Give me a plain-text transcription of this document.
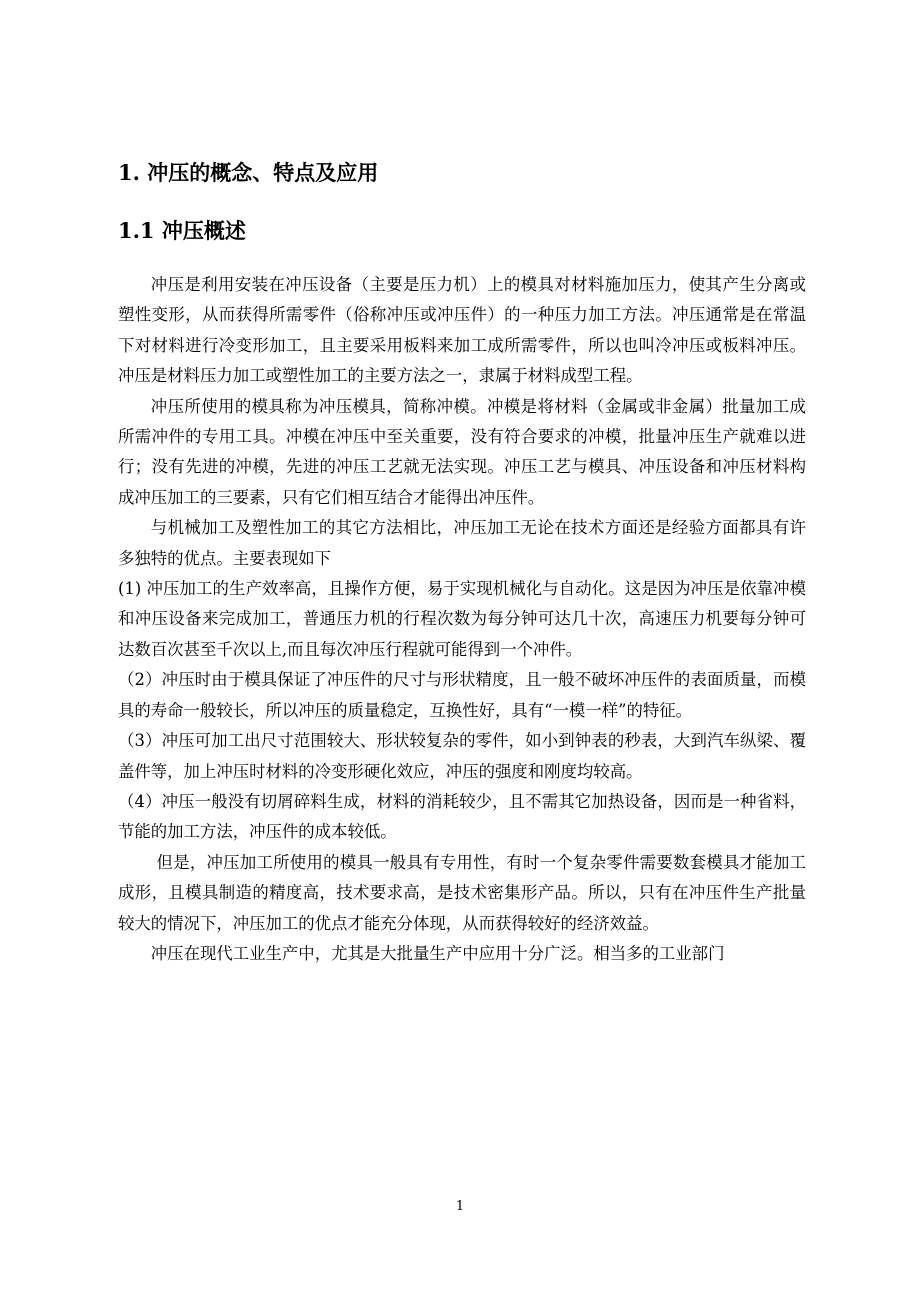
1. 冲压的概念、特点及应用
1.1 冲压概述

冲压是利用安装在冲压设备（主要是压力机）上的模具对材料施加压力，使其产生分离或塑性变形，从而获得所需零件（俗称冲压或冲压件）的一种压力加工方法。冲压通常是在常温下对材料进行冷变形加工，且主要采用板料来加工成所需零件，所以也叫冷冲压或板料冲压。冲压是材料压力加工或塑性加工的主要方法之一，隶属于材料成型工程。

冲压所使用的模具称为冲压模具，简称冲模。冲模是将材料（金属或非金属）批量加工成所需冲件的专用工具。冲模在冲压中至关重要，没有符合要求的冲模，批量冲压生产就难以进行；没有先进的冲模，先进的冲压工艺就无法实现。冲压工艺与模具、冲压设备和冲压材料构成冲压加工的三要素，只有它们相互结合才能得出冲压件。

与机械加工及塑性加工的其它方法相比，冲压加工无论在技术方面还是经验方面都具有许多独特的优点。主要表现如下

(1) 冲压加工的生产效率高，且操作方便，易于实现机械化与自动化。这是因为冲压是依靠冲模和冲压设备来完成加工，普通压力机的行程次数为每分钟可达几十次，高速压力机要每分钟可达数百次甚至千次以上,而且每次冲压行程就可能得到一个冲件。

（2）冲压时由于模具保证了冲压件的尺寸与形状精度，且一般不破坏冲压件的表面质量，而模具的寿命一般较长，所以冲压的质量稳定，互换性好，具有“一模一样”的特征。

（3）冲压可加工出尺寸范围较大、形状较复杂的零件，如小到钟表的秒表，大到汽车纵梁、覆盖件等，加上冲压时材料的冷变形硬化效应，冲压的强度和刚度均较高。

（4）冲压一般没有切屑碎料生成，材料的消耗较少，且不需其它加热设备，因而是一种省料，节能的加工方法，冲压件的成本较低。

但是，冲压加工所使用的模具一般具有专用性，有时一个复杂零件需要数套模具才能加工成形，且模具制造的精度高，技术要求高，是技术密集形产品。所以，只有在冲压件生产批量较大的情况下，冲压加工的优点才能充分体现，从而获得较好的经济效益。

冲压在现代工业生产中，尤其是大批量生产中应用十分广泛。相当多的工业部门

1
